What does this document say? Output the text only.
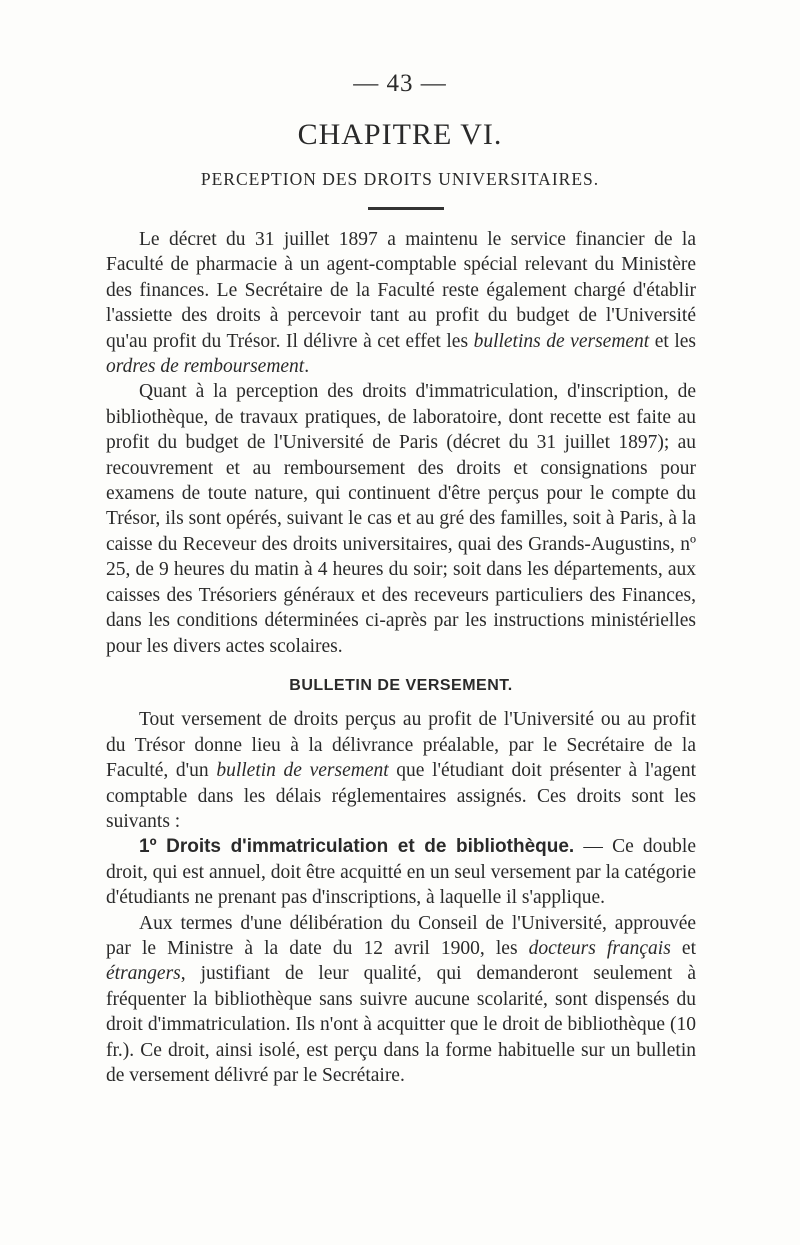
— 43 —
CHAPITRE VI.
PERCEPTION DES DROITS UNIVERSITAIRES.

Le décret du 31 juillet 1897 a maintenu le service financier de la Faculté de pharmacie à un agent-comptable spécial relevant du Ministère des finances. Le Secrétaire de la Faculté reste également chargé d'établir l'assiette des droits à percevoir tant au profit du budget de l'Université qu'au profit du Trésor. Il délivre à cet effet les bulletins de versement et les ordres de remboursement.

Quant à la perception des droits d'immatriculation, d'inscription, de bibliothèque, de travaux pratiques, de laboratoire, dont recette est faite au profit du budget de l'Université de Paris (décret du 31 juillet 1897); au recouvrement et au remboursement des droits et consignations pour examens de toute nature, qui continuent d'être perçus pour le compte du Trésor, ils sont opérés, suivant le cas et au gré des familles, soit à Paris, à la caisse du Receveur des droits universitaires, quai des Grands-Augustins, nº 25, de 9 heures du matin à 4 heures du soir; soit dans les départements, aux caisses des Trésoriers généraux et des receveurs particuliers des Finances, dans les conditions déterminées ci-après par les instructions ministérielles pour les divers actes scolaires.

BULLETIN DE VERSEMENT.

Tout versement de droits perçus au profit de l'Université ou au profit du Trésor donne lieu à la délivrance préalable, par le Secrétaire de la Faculté, d'un bulletin de versement que l'étudiant doit présenter à l'agent comptable dans les délais réglementaires assignés. Ces droits sont les suivants :

1º Droits d'immatriculation et de bibliothèque. — Ce double droit, qui est annuel, doit être acquitté en un seul versement par la catégorie d'étudiants ne prenant pas d'inscriptions, à laquelle il s'applique.

Aux termes d'une délibération du Conseil de l'Université, approuvée par le Ministre à la date du 12 avril 1900, les docteurs français et étrangers, justifiant de leur qualité, qui demanderont seulement à fréquenter la bibliothèque sans suivre aucune scolarité, sont dispensés du droit d'immatriculation. Ils n'ont à acquitter que le droit de bibliothèque (10 fr.). Ce droit, ainsi isolé, est perçu dans la forme habituelle sur un bulletin de versement délivré par le Secrétaire.
